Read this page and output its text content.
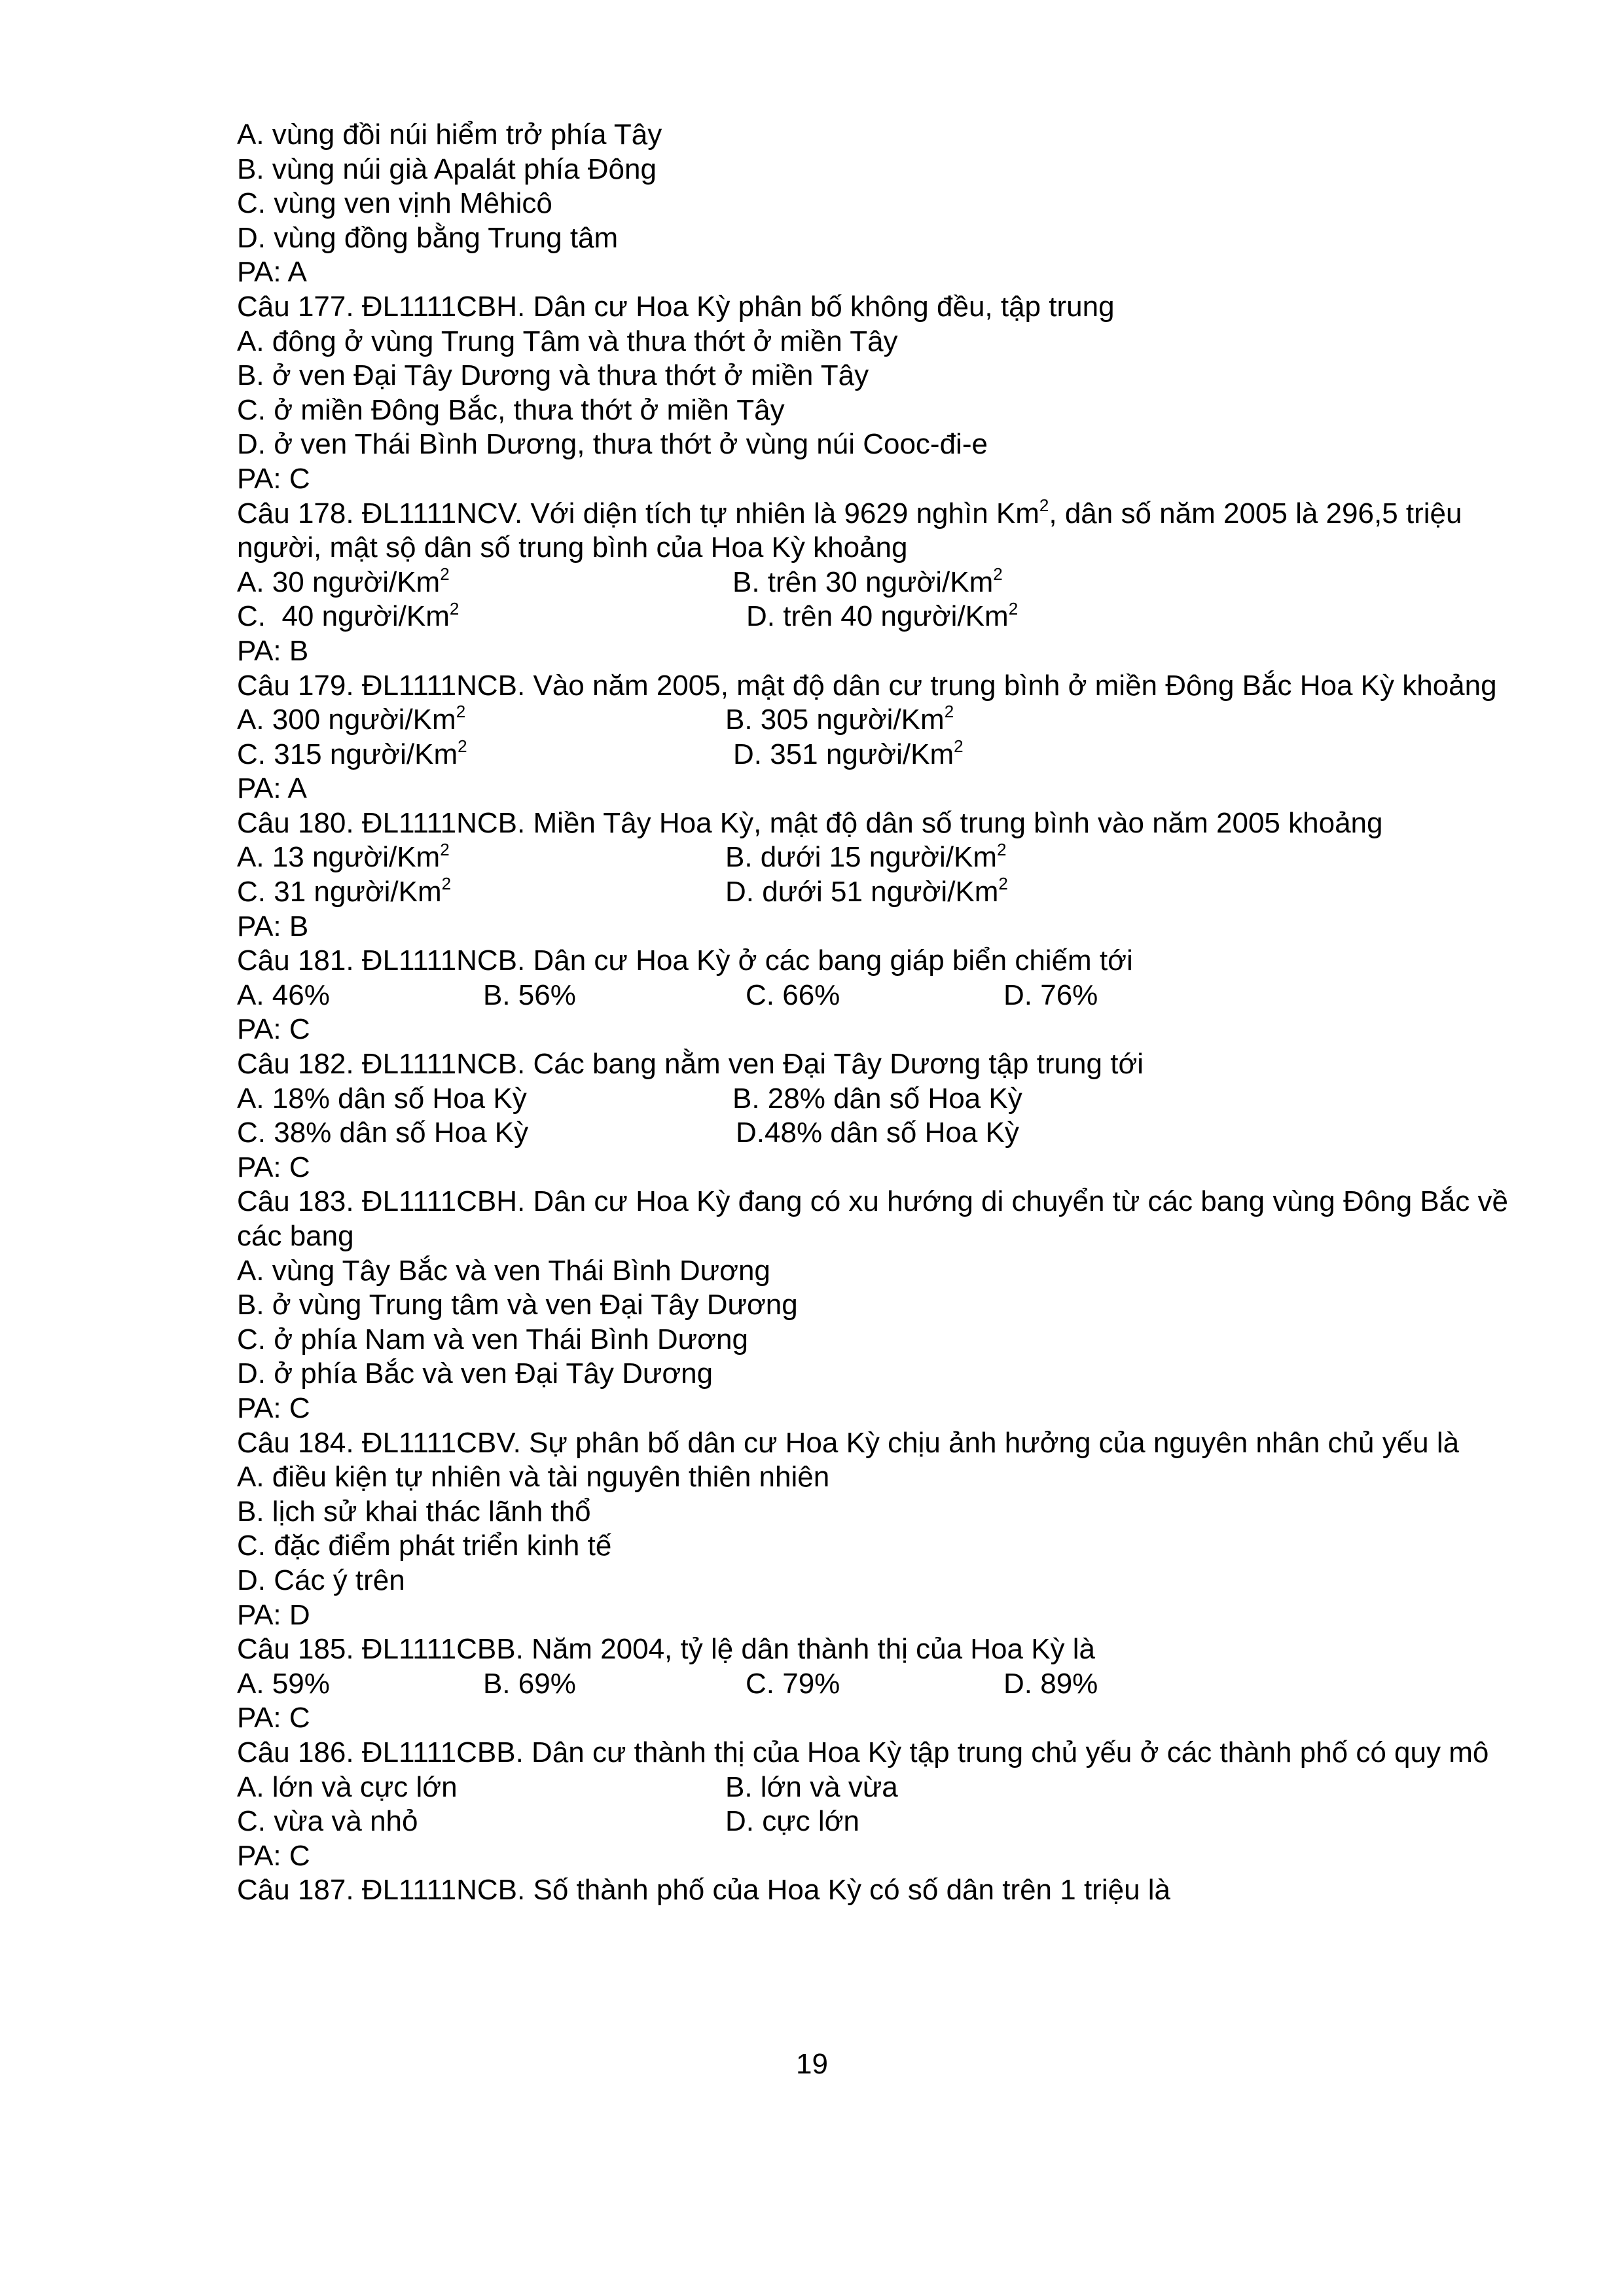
A. vùng đồi núi hiểm trở phía Tây
B. vùng núi già Apalát phía Đông
C. vùng ven vịnh Mêhicô
D. vùng đồng bằng Trung tâm
PA: A
Câu 177. ĐL1111CBH. Dân cư Hoa Kỳ phân bố không đều, tập trung
A. đông ở vùng Trung Tâm và thưa thớt ở miền Tây
B. ở ven Đại Tây Dương và thưa thớt ở miền Tây
C. ở miền Đông Bắc, thưa thớt ở miền Tây
D. ở ven Thái Bình Dương, thưa thớt ở vùng núi Cooc-đi-e
PA: C
Câu 178. ĐL1111NCV. Với diện tích tự nhiên là 9629 nghìn Km$^2$, dân số năm 2005 là 296,5 triệu người, mật sộ dân số trung bình của Hoa Kỳ khoảng
A. 30 người/Km$^2$	B. trên 30 người/Km$^2$
C.  40 người/Km$^2$	D. trên 40 người/Km$^2$
PA: B
Câu 179. ĐL1111NCB. Vào năm 2005, mật độ dân cư trung bình ở miền Đông Bắc Hoa Kỳ khoảng
A. 300 người/Km$^2$	B. 305 người/Km$^2$
C. 315 người/Km$^2$	D. 351 người/Km$^2$
PA: A
Câu 180. ĐL1111NCB. Miền Tây Hoa Kỳ, mật độ dân số trung bình vào năm 2005 khoảng
A. 13 người/Km$^2$	B. dưới 15 người/Km$^2$
C. 31 người/Km$^2$	D. dưới 51 người/Km$^2$
PA: B
Câu 181. ĐL1111NCB. Dân cư Hoa Kỳ ở các bang giáp biển chiếm tới
A. 46%	B. 56%	C. 66%	D. 76%
PA: C
Câu 182. ĐL1111NCB. Các bang nằm ven Đại Tây Dương tập trung tới
A. 18% dân số Hoa Kỳ	B. 28% dân số Hoa Kỳ
C. 38% dân số Hoa Kỳ	D.48% dân số Hoa Kỳ
PA: C
Câu 183. ĐL1111CBH. Dân cư Hoa Kỳ đang có xu hướng di chuyển từ các bang vùng Đông Bắc về các bang
A. vùng Tây Bắc và ven Thái Bình Dương
B. ở vùng Trung tâm và ven Đại Tây Dương
C. ở phía Nam và ven Thái Bình Dương
D. ở phía Bắc và ven Đại Tây Dương
PA: C
Câu 184. ĐL1111CBV. Sự phân bố dân cư Hoa Kỳ chịu ảnh hưởng của nguyên nhân chủ yếu là
A. điều kiện tự nhiên và tài nguyên thiên nhiên
B. lịch sử khai thác lãnh thổ
C. đặc điểm phát triển kinh tế
D. Các ý trên
PA: D
Câu 185. ĐL1111CBB. Năm 2004, tỷ lệ dân thành thị của Hoa Kỳ là
A. 59%	B. 69%	C. 79%	D. 89%
PA: C
Câu 186. ĐL1111CBB. Dân cư thành thị của Hoa Kỳ tập trung chủ yếu ở các thành phố có quy mô
A. lớn và cực lớn	B. lớn và vừa
C. vừa và nhỏ	D. cực lớn
PA: C
Câu 187. ĐL1111NCB. Số thành phố của Hoa Kỳ có số dân trên 1 triệu là
19
